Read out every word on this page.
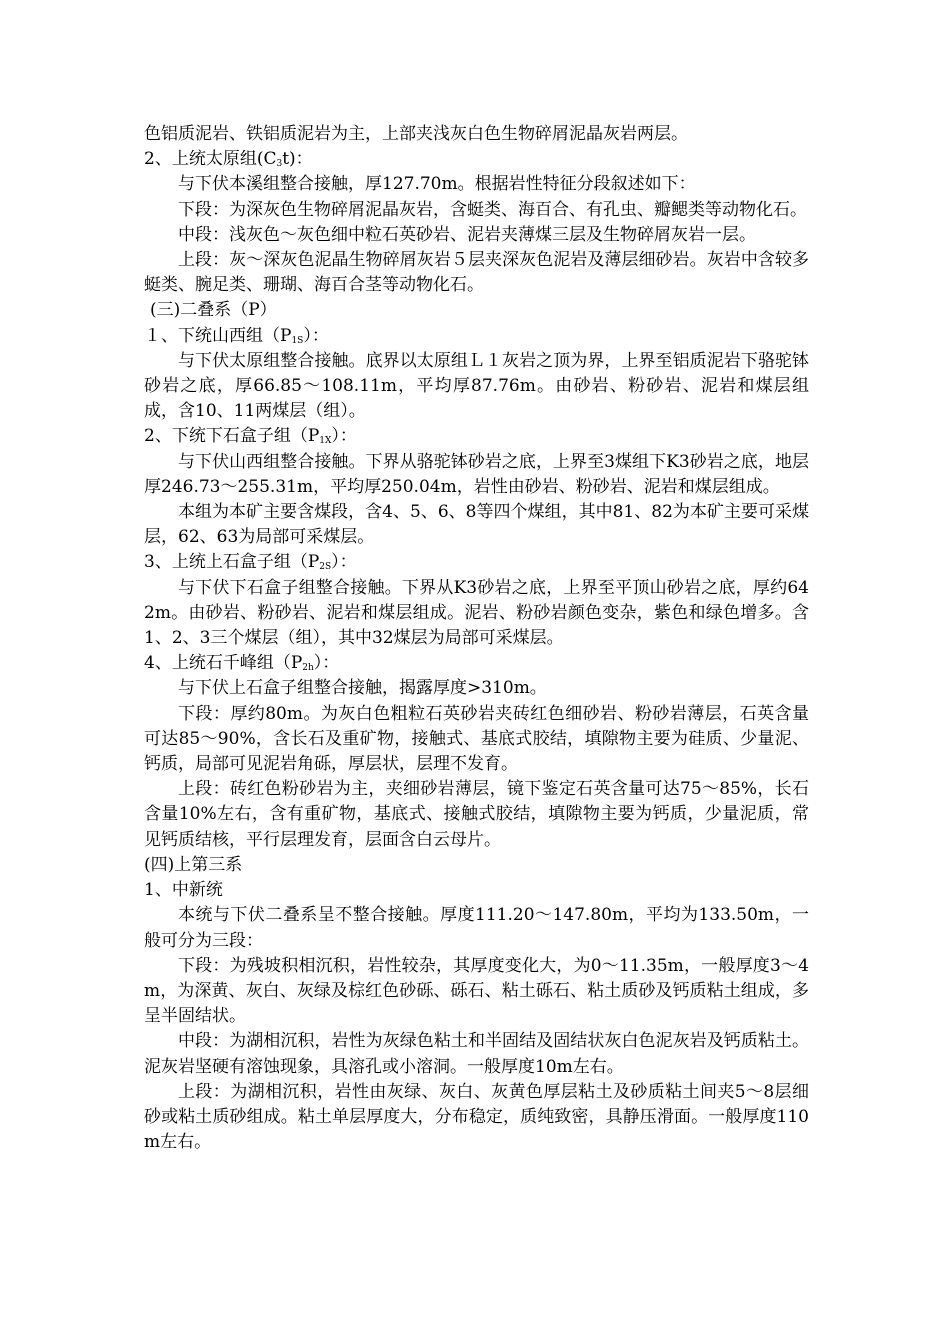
色铝质泥岩、铁铝质泥岩为主，上部夹浅灰白色生物碎屑泥晶灰岩两层。

2、上统太原组$(C_3t)$：

与下伏本溪组整合接触，厚127.70m。根据岩性特征分段叙述如下：

下段：为深灰色生物碎屑泥晶灰岩，含蜓类、海百合、有孔虫、瓣鳃类等动物化石。

中段：浅灰色～灰色细中粒石英砂岩、泥岩夹薄煤三层及生物碎屑灰岩一层。

上段：灰～深灰色泥晶生物碎屑灰岩５层夹深灰色泥岩及薄层细砂岩。灰岩中含较多蜓类、腕足类、珊瑚、海百合茎等动物化石。

(三)二叠系（P）

１、下统山西组$(P_{1S})$：

与下伏太原组整合接触。底界以太原组Ｌ１灰岩之顶为界，上界至铝质泥岩下骆驼钵砂岩之底，厚66.85～108.11m，平均厚87.76m。由砂岩、粉砂岩、泥岩和煤层组成，含10、11两煤层（组）。

2、下统下石盒子组$(P_{1X})$：

与下伏山西组整合接触。下界从骆驼钵砂岩之底，上界至3煤组下K3砂岩之底，地层厚246.73～255.31m，平均厚250.04m，岩性由砂岩、粉砂岩、泥岩和煤层组成。

本组为本矿主要含煤段，含4、5、6、8等四个煤组，其中81、82为本矿主要可采煤层，62、63为局部可采煤层。

3、上统上石盒子组$(P_{2S})$：

与下伏下石盒子组整合接触。下界从K3砂岩之底，上界至平顶山砂岩之底，厚约642m。由砂岩、粉砂岩、泥岩和煤层组成。泥岩、粉砂岩颜色变杂，紫色和绿色增多。含1、2、3三个煤层（组），其中32煤层为局部可采煤层。

4、上统石千峰组$(P_{2h})$：

与下伏上石盒子组整合接触，揭露厚度>310m。

下段：厚约80m。为灰白色粗粒石英砂岩夹砖红色细砂岩、粉砂岩薄层，石英含量可达85～90%，含长石及重矿物，接触式、基底式胶结，填隙物主要为硅质、少量泥、钙质，局部可见泥岩角砾，厚层状，层理不发育。

上段：砖红色粉砂岩为主，夹细砂岩薄层，镜下鉴定石英含量可达75～85%，长石含量10%左右，含有重矿物，基底式、接触式胶结，填隙物主要为钙质，少量泥质，常见钙质结核，平行层理发育，层面含白云母片。

(四)上第三系

1、中新统

本统与下伏二叠系呈不整合接触。厚度111.20～147.80m，平均为133.50m，一般可分为三段：

下段：为残坡积相沉积，岩性较杂，其厚度变化大，为0～11.35m，一般厚度3～4m，为深黄、灰白、灰绿及棕红色砂砾、砾石、粘土砾石、粘土质砂及钙质粘土组成，多呈半固结状。

中段：为湖相沉积，岩性为灰绿色粘土和半固结及固结状灰白色泥灰岩及钙质粘土。泥灰岩坚硬有溶蚀现象，具溶孔或小溶洞。一般厚度10m左右。

上段：为湖相沉积，岩性由灰绿、灰白、灰黄色厚层粘土及砂质粘土间夹5～8层细砂或粘土质砂组成。粘土单层厚度大，分布稳定，质纯致密，具静压滑面。一般厚度110m左右。
